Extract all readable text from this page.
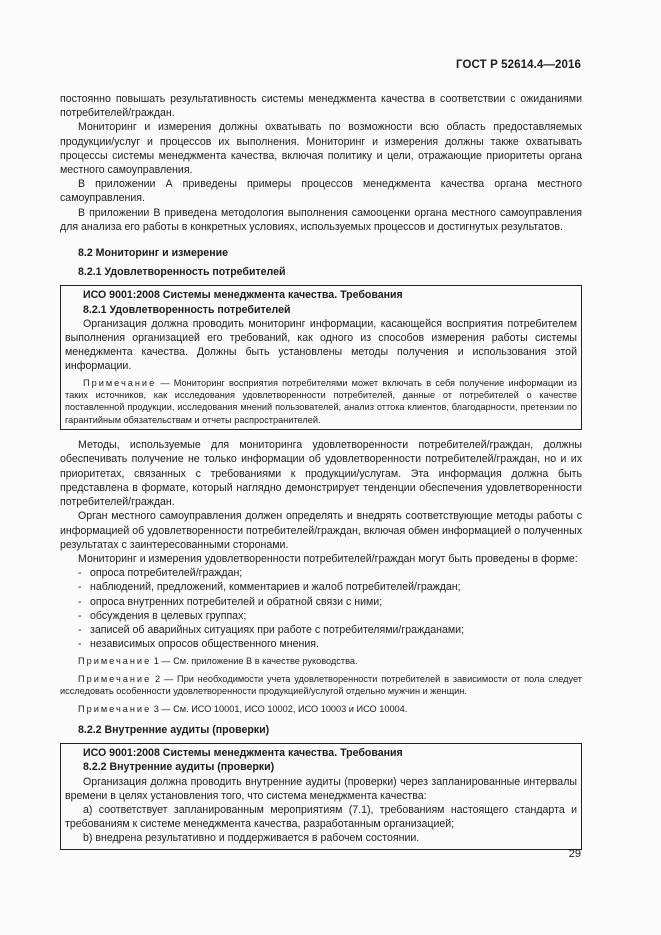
ГОСТ Р 52614.4—2016

постоянно повышать результативность системы менеджмента качества в соответствии с ожиданиями потребителей/граждан.

Мониторинг и измерения должны охватывать по возможности всю область предоставляемых продукции/услуг и процессов их выполнения. Мониторинг и измерения должны также охватывать процессы системы менеджмента качества, включая политику и цели, отражающие приоритеты органа местного самоуправления.

В приложении А приведены примеры процессов менеджмента качества органа местного самоуправления.

В приложении В приведена методология выполнения самооценки органа местного самоуправления для анализа его работы в конкретных условиях, используемых процессов и достигнутых результатов.

8.2 Мониторинг и измерение

8.2.1 Удовлетворенность потребителей

ИСО 9001:2008 Системы менеджмента качества. Требования

8.2.1 Удовлетворенность потребителей

Организация должна проводить мониторинг информации, касающейся восприятия потребителем выполнения организацией его требований, как одного из способов измерения работы системы менеджмента качества. Должны быть установлены методы получения и использования этой информации.

Примечание — Мониторинг восприятия потребителями может включать в себя получение информации из таких источников, как исследования удовлетворенности потребителей, данные от потребителей о качестве поставленной продукции, исследования мнений пользователей, анализ оттока клиентов, благодарности, претензии по гарантийным обязательствам и отчеты распространителей.

Методы, используемые для мониторинга удовлетворенности потребителей/граждан, должны обеспечивать получение не только информации об удовлетворенности потребителей/граждан, но и их приоритетах, связанных с требованиями к продукции/услугам. Эта информация должна быть представлена в формате, который наглядно демонстрирует тенденции обеспечения удовлетворенности потребителей/граждан.

Орган местного самоуправления должен определять и внедрять соответствующие методы работы с информацией об удовлетворенности потребителей/граждан, включая обмен информацией о полученных результатах с заинтересованными сторонами.

Мониторинг и измерения удовлетворенности потребителей/граждан могут быть проведены в форме:

- опроса потребителей/граждан;

- наблюдений, предложений, комментариев и жалоб потребителей/граждан;

- опроса внутренних потребителей и обратной связи с ними;

- обсуждения в целевых группах;

- записей об аварийных ситуациях при работе с потребителями/гражданами;

- независимых опросов общественного мнения.

Примечание 1 — См. приложение В в качестве руководства.

Примечание 2 — При необходимости учета удовлетворенности потребителей в зависимости от пола следует исследовать особенности удовлетворенности продукцией/услугой отдельно мужчин и женщин.

Примечание 3 — См. ИСО 10001, ИСО 10002, ИСО 10003 и ИСО 10004.

8.2.2 Внутренние аудиты (проверки)

ИСО 9001:2008 Системы менеджмента качества. Требования

8.2.2 Внутренние аудиты (проверки)

Организация должна проводить внутренние аудиты (проверки) через запланированные интервалы времени в целях установления того, что система менеджмента качества:

а) соответствует запланированным мероприятиям (7.1), требованиям настоящего стандарта и требованиям к системе менеджмента качества, разработанным организацией;

b) внедрена результативно и поддерживается в рабочем состоянии.

29
